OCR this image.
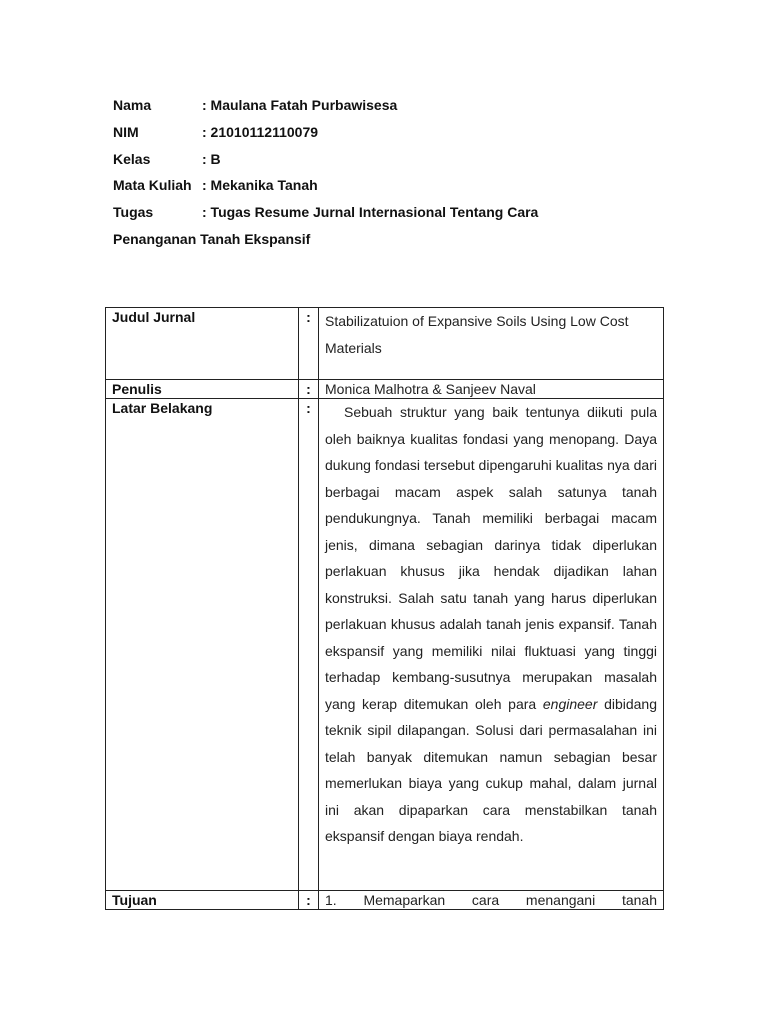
Nama	: Maulana Fatah Purbawisesa
NIM	: 21010112110079
Kelas	: B
Mata Kuliah : Mekanika Tanah
Tugas	: Tugas Resume Jurnal Internasional Tentang Cara
Penanganan Tanah Ekspansif
Judul Jurnal	:	Stabilizatuion of Expansive Soils Using Low Cost Materials
Penulis	:	Monica Malhotra & Sanjeev Naval
Latar Belakang	:	Sebuah struktur yang baik tentunya diikuti pula oleh baiknya kualitas fondasi yang menopang. Daya dukung fondasi tersebut dipengaruhi kualitas nya dari berbagai macam aspek salah satunya tanah pendukungnya. Tanah memiliki berbagai macam jenis, dimana sebagian darinya tidak diperlukan perlakuan khusus jika hendak dijadikan lahan konstruksi. Salah satu tanah yang harus diperlukan perlakuan khusus adalah tanah jenis expansif. Tanah ekspansif yang memiliki nilai fluktuasi yang tinggi terhadap kembang-susutnya merupakan masalah yang kerap ditemukan oleh para engineer dibidang teknik sipil dilapangan. Solusi dari permasalahan ini telah banyak ditemukan namun sebagian besar memerlukan biaya yang cukup mahal, dalam jurnal ini akan dipaparkan cara menstabilkan tanah ekspansif dengan biaya rendah.
Tujuan	:	1. Memaparkan cara menangani tanah
